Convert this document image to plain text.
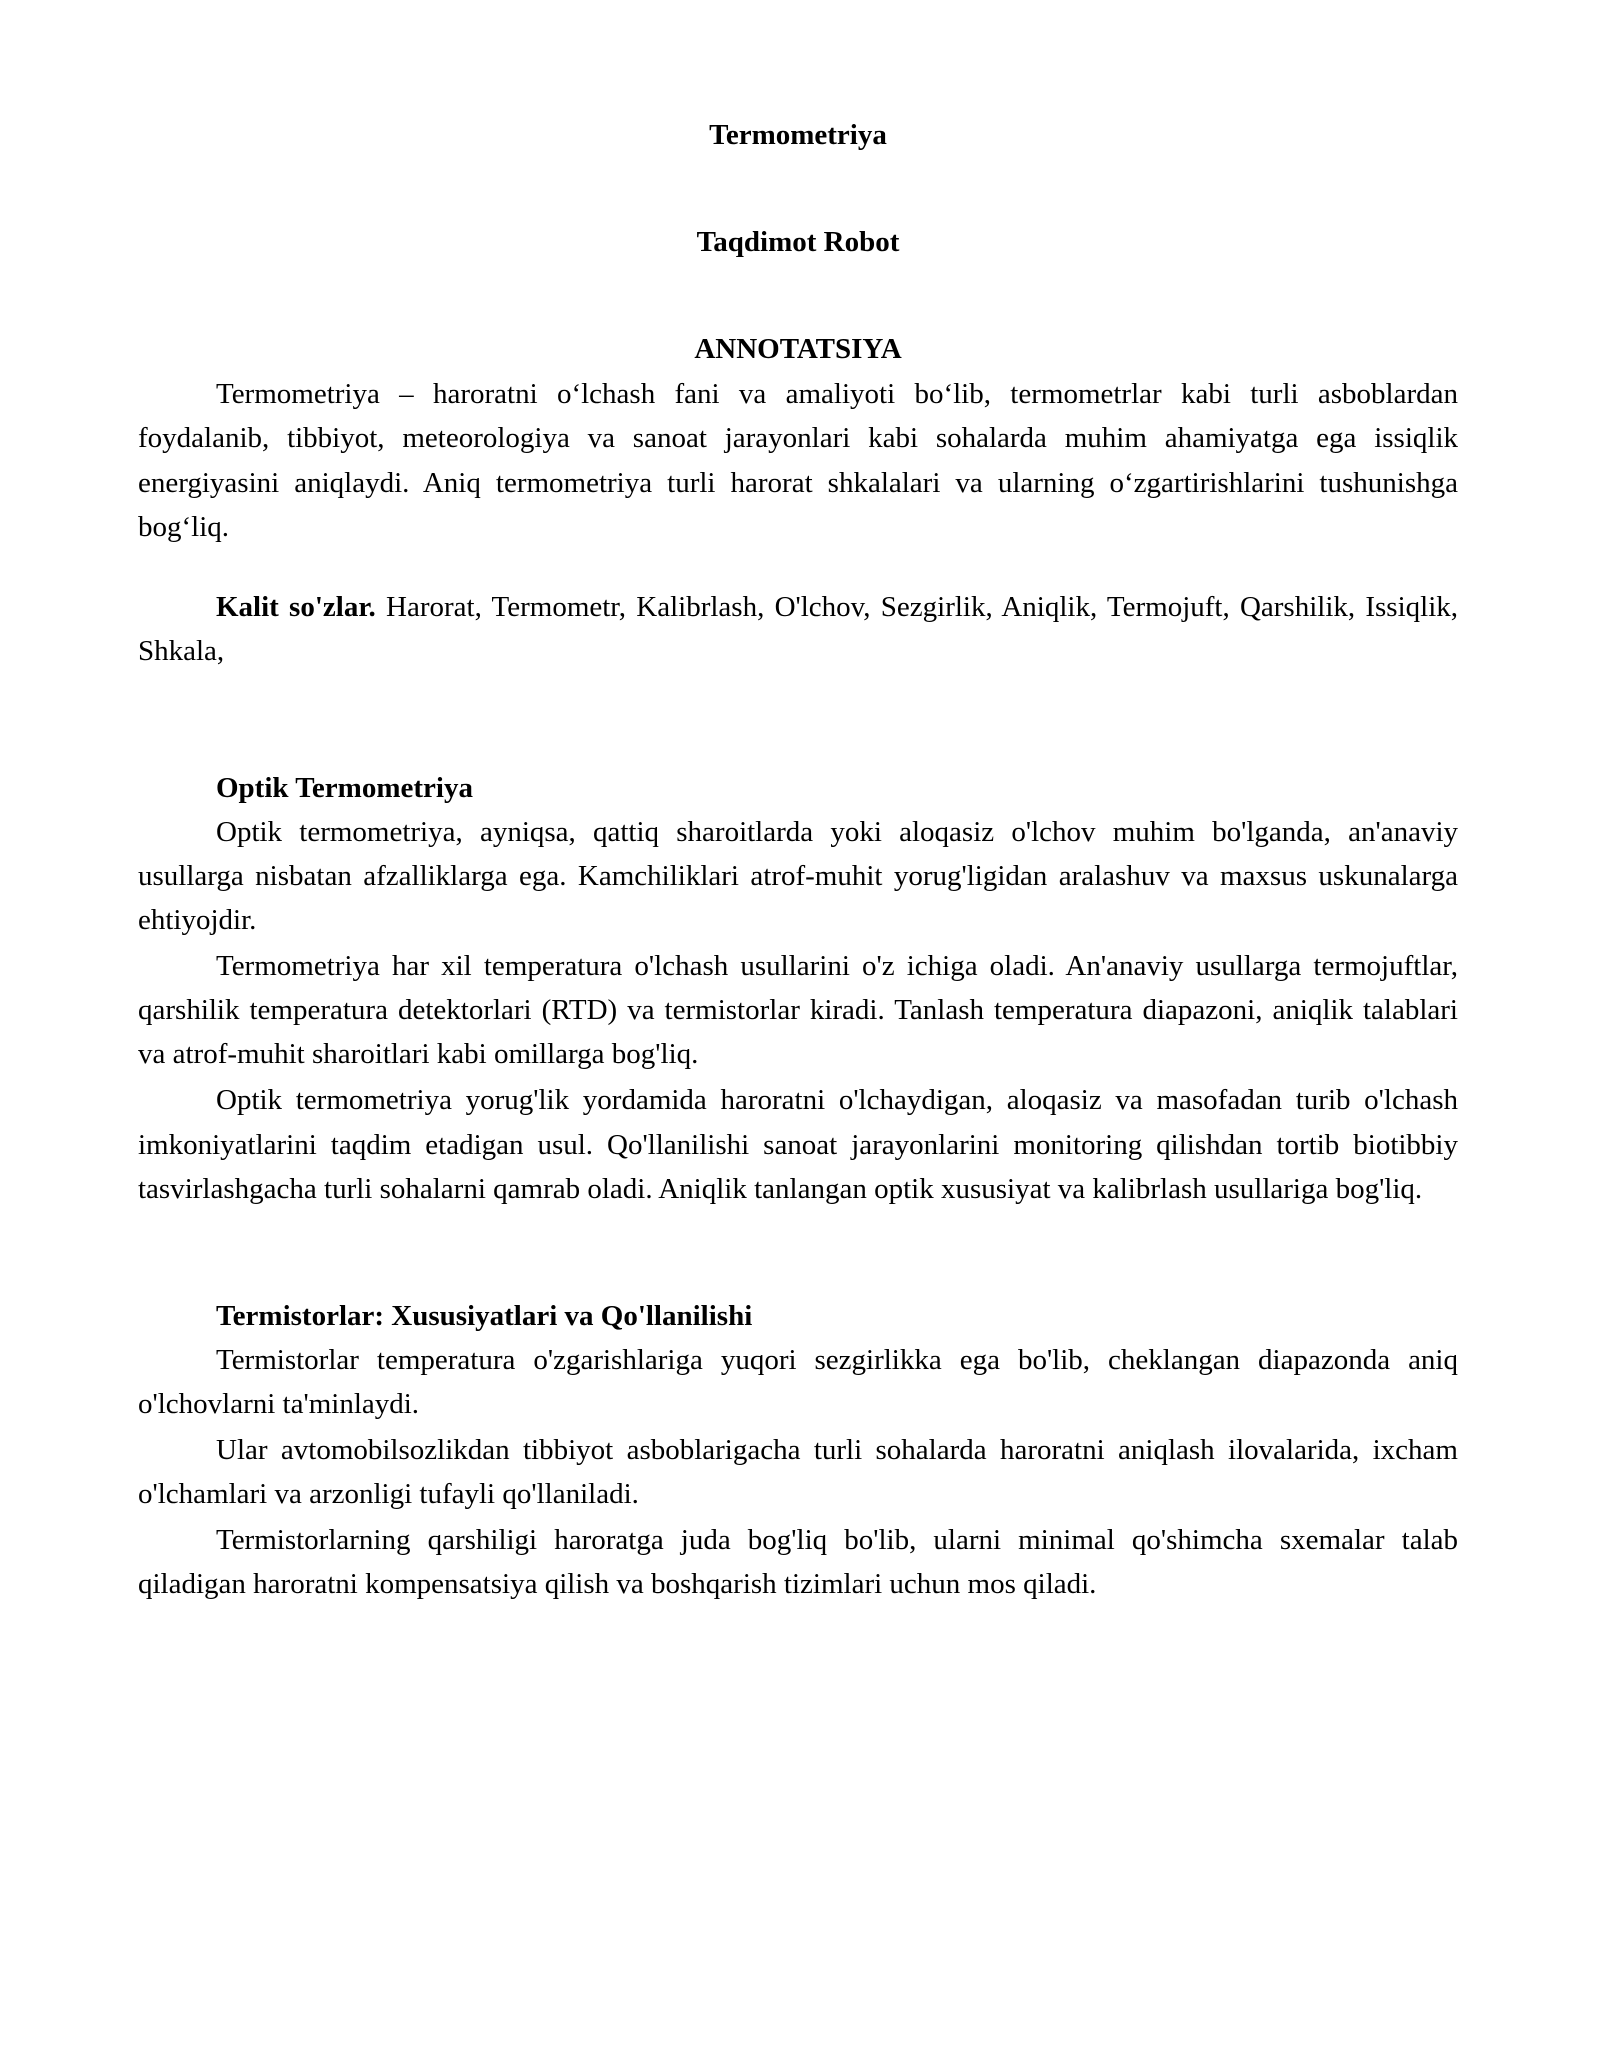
Termometriya
Taqdimot Robot
ANNOTATSIYA

Termometriya – haroratni oʻlchash fani va amaliyoti boʻlib, termometrlar kabi turli asboblardan foydalanib, tibbiyot, meteorologiya va sanoat jarayonlari kabi sohalarda muhim ahamiyatga ega issiqlik energiyasini aniqlaydi. Aniq termometriya turli harorat shkalalari va ularning oʻzgartirishlarini tushunishga bogʻliq.

Kalit so'zlar. Harorat, Termometr, Kalibrlash, O'lchov, Sezgirlik, Aniqlik, Termojuft, Qarshilik, Issiqlik, Shkala,

Optik Termometriya

Optik termometriya, ayniqsa, qattiq sharoitlarda yoki aloqasiz o'lchov muhim bo'lganda, an'anaviy usullarga nisbatan afzalliklarga ega. Kamchiliklari atrof-muhit yorug'ligidan aralashuv va maxsus uskunalarga ehtiyojdir.

Termometriya har xil temperatura o'lchash usullarini o'z ichiga oladi. An'anaviy usullarga termojuftlar, qarshilik temperatura detektorlari (RTD) va termistorlar kiradi. Tanlash temperatura diapazoni, aniqlik talablari va atrof-muhit sharoitlari kabi omillarga bog'liq.

Optik termometriya yorug'lik yordamida haroratni o'lchaydigan, aloqasiz va masofadan turib o'lchash imkoniyatlarini taqdim etadigan usul. Qo'llanilishi sanoat jarayonlarini monitoring qilishdan tortib biotibbiy tasvirlashgacha turli sohalarni qamrab oladi. Aniqlik tanlangan optik xususiyat va kalibrlash usullariga bog'liq.

Termistorlar: Xususiyatlari va Qo'llanilishi

Termistorlar temperatura o'zgarishlariga yuqori sezgirlikka ega bo'lib, cheklangan diapazonda aniq o'lchovlarni ta'minlaydi.

Ular avtomobilsozlikdan tibbiyot asboblarigacha turli sohalarda haroratni aniqlash ilovalarida, ixcham o'lchamlari va arzonligi tufayli qo'llaniladi.

Termistorlarning qarshiligi haroratga juda bog'liq bo'lib, ularni minimal qo'shimcha sxemalar talab qiladigan haroratni kompensatsiya qilish va boshqarish tizimlari uchun mos qiladi.
